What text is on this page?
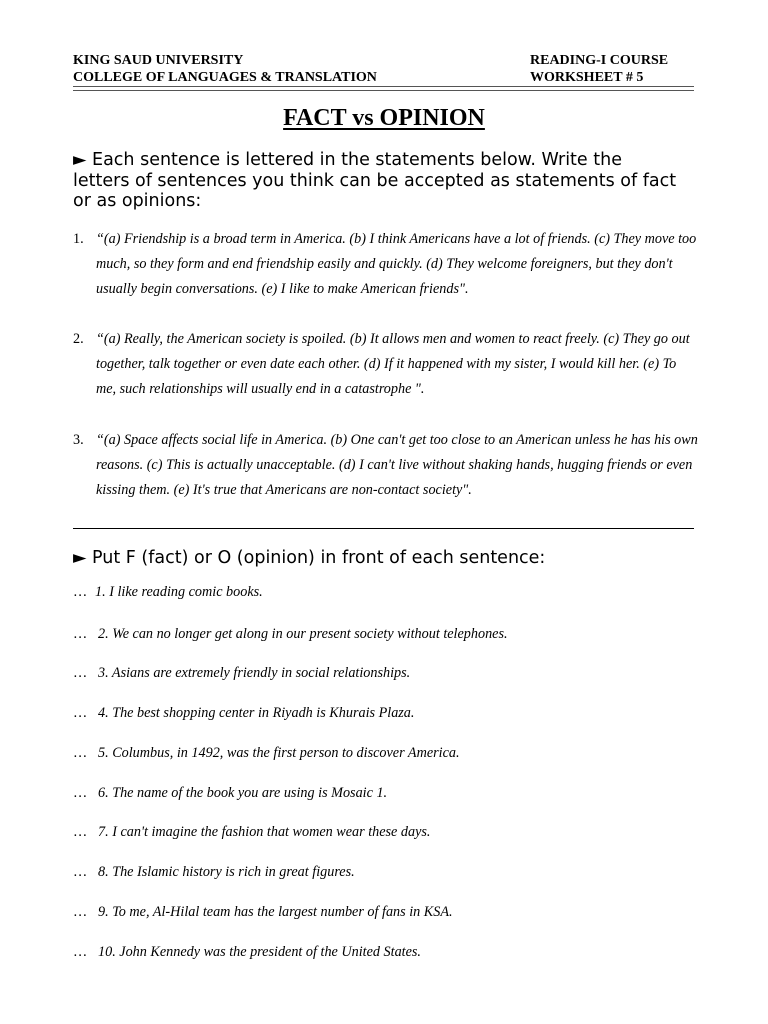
KING SAUD UNIVERSITY
COLLEGE OF LANGUAGES & TRANSLATION
READING-I COURSE
WORKSHEET # 5
FACT vs OPINION
► Each sentence is lettered in the statements below. Write the letters of sentences you think can be accepted as statements of fact or as opinions:
1. “(a) Friendship is a broad term in America. (b) I think Americans have a lot of friends. (c) They move too much, so they form and end friendship easily and quickly. (d) They welcome foreigners, but they don't usually begin conversations. (e) I like to make American friends".
2. “(a) Really, the American society is spoiled. (b) It allows men and women to react freely. (c) They go out together, talk together or even date each other. (d) If it happened with my sister, I would kill her. (e) To me, such relationships will usually end in a catastrophe ".
3. “(a) Space affects social life in America. (b) One can't get too close to an American unless he has his own reasons. (c) This is actually unacceptable. (d) I can't live without shaking hands, hugging friends or even kissing them. (e) It's true that Americans are non-contact society".
► Put F (fact) or O (opinion) in front of each sentence:
… 1. I like reading comic books.
… 2. We can no longer get along in our present society without telephones.
… 3. Asians are extremely friendly in social relationships.
… 4. The best shopping center in Riyadh is Khurais Plaza.
… 5. Columbus, in 1492, was the first person to discover America.
… 6. The name of the book you are using is Mosaic 1.
… 7. I can't imagine the fashion that women wear these days.
… 8. The Islamic history is rich in great figures.
… 9. To me, Al-Hilal team has the largest number of fans in KSA.
… 10. John Kennedy was the president of the United States.
